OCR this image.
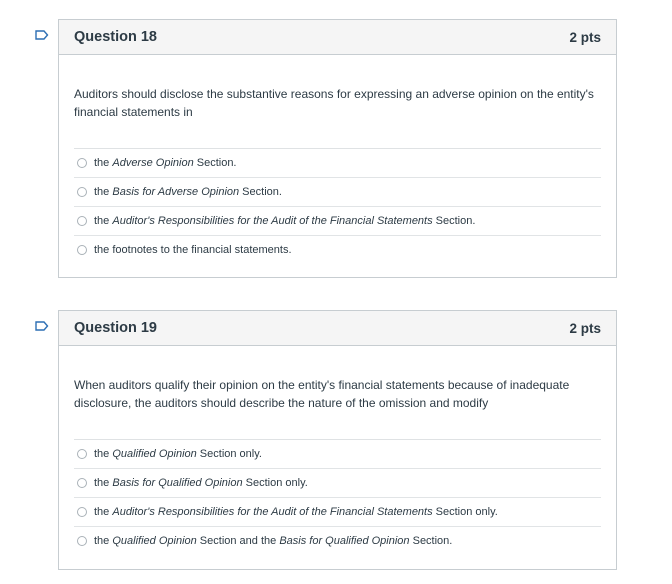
Question 18	2 pts
Auditors should disclose the substantive reasons for expressing an adverse opinion on the entity's financial statements in
the Adverse Opinion Section.
the Basis for Adverse Opinion Section.
the Auditor's Responsibilities for the Audit of the Financial Statements Section.
the footnotes to the financial statements.
Question 19	2 pts
When auditors qualify their opinion on the entity's financial statements because of inadequate disclosure, the auditors should describe the nature of the omission and modify
the Qualified Opinion Section only.
the Basis for Qualified Opinion Section only.
the Auditor's Responsibilities for the Audit of the Financial Statements Section only.
the Qualified Opinion Section and the Basis for Qualified Opinion Section.
